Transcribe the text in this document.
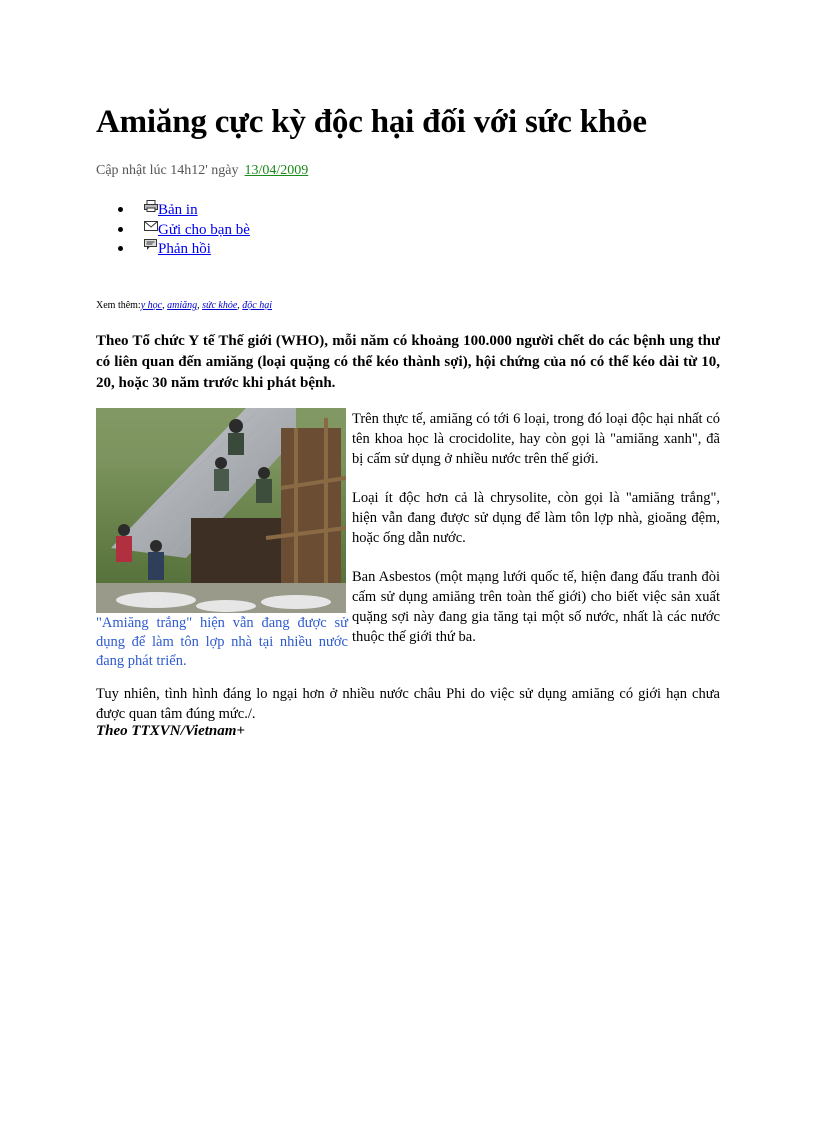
Amiăng cực kỳ độc hại đối với sức khỏe
Cập nhật lúc 14h12' ngày 13/04/2009
Bản in
Gửi cho bạn bè
Phản hồi
Xem thêm:y học, amiăng, sức khỏe, độc hại

Theo Tổ chức Y tế Thế giới (WHO), mỗi năm có khoảng 100.000 người chết do các bệnh ung thư có liên quan đến amiăng (loại quặng có thể kéo thành sợi), hội chứng của nó có thể kéo dài từ 10, 20, hoặc 30 năm trước khi phát bệnh.

"Amiăng trắng" hiện vẫn đang được sử dụng để làm tôn lợp nhà tại nhiều nước đang phát triển.

Trên thực tế, amiăng có tới 6 loại, trong đó loại độc hại nhất có tên khoa học là crocidolite, hay còn gọi là "amiăng xanh", đã bị cấm sử dụng ở nhiều nước trên thế giới.

Loại ít độc hơn cả là chrysolite, còn gọi là "amiăng trắng", hiện vẫn đang được sử dụng để làm tôn lợp nhà, gioăng đệm, hoặc ống dẫn nước.

Ban Asbestos (một mạng lưới quốc tế, hiện đang đấu tranh đòi cấm sử dụng amiăng trên toàn thế giới) cho biết việc sản xuất quặng sợi này đang gia tăng tại một số nước, nhất là các nước thuộc thế giới thứ ba.

Tuy nhiên, tình hình đáng lo ngại hơn ở nhiều nước châu Phi do việc sử dụng amiăng có giới hạn chưa được quan tâm đúng mức./.

Theo TTXVN/Vietnam+
